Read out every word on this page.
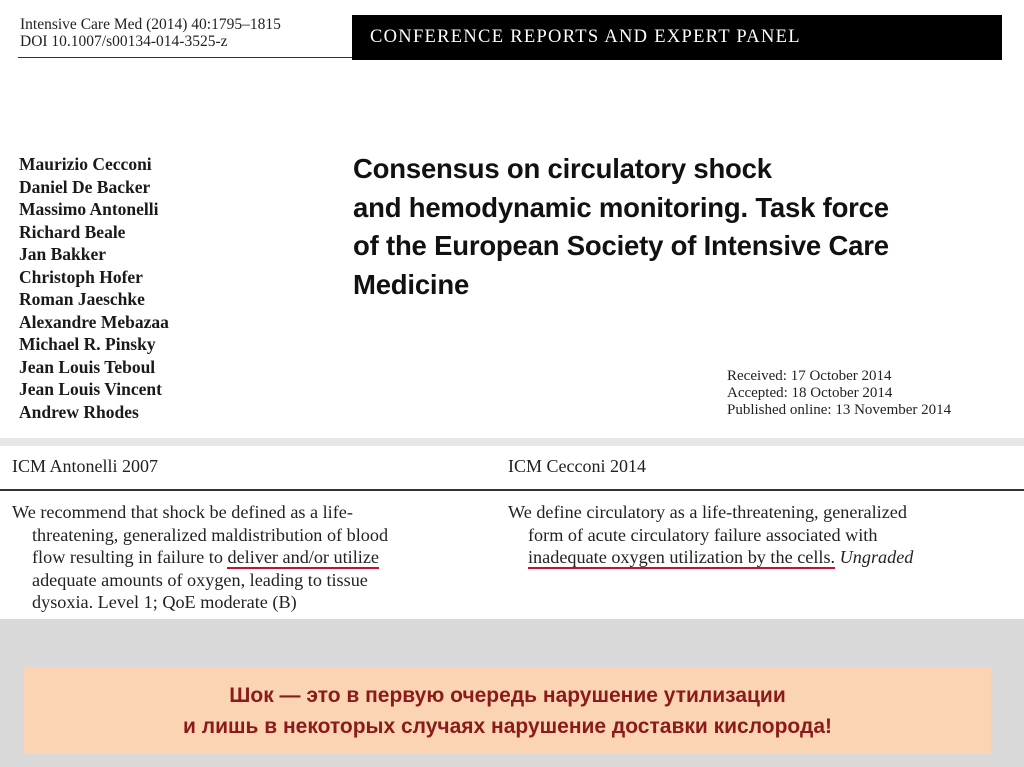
Intensive Care Med (2014) 40:1795–1815
DOI 10.1007/s00134-014-3525-z	CONFERENCE REPORTS AND EXPERT PANEL
Maurizio Cecconi
Daniel De Backer
Massimo Antonelli
Richard Beale
Jan Bakker
Christoph Hofer
Roman Jaeschke
Alexandre Mebazaa
Michael R. Pinsky
Jean Louis Teboul
Jean Louis Vincent
Andrew Rhodes
Consensus on circulatory shock
and hemodynamic monitoring. Task force
of the European Society of Intensive Care
Medicine
Received: 17 October 2014
Accepted: 18 October 2014
Published online: 13 November 2014
ICM Antonelli 2007	ICM Cecconi 2014
We recommend that shock be defined as a life-
threatening, generalized maldistribution of blood
flow resulting in failure to deliver and/or utilize
adequate amounts of oxygen, leading to tissue
dysoxia. Level 1; QoE moderate (B)
We define circulatory as a life-threatening, generalized
form of acute circulatory failure associated with
inadequate oxygen utilization by the cells. Ungraded
Шок — это в первую очередь нарушение утилизации
и лишь в некоторых случаях нарушение доставки кислорода!
